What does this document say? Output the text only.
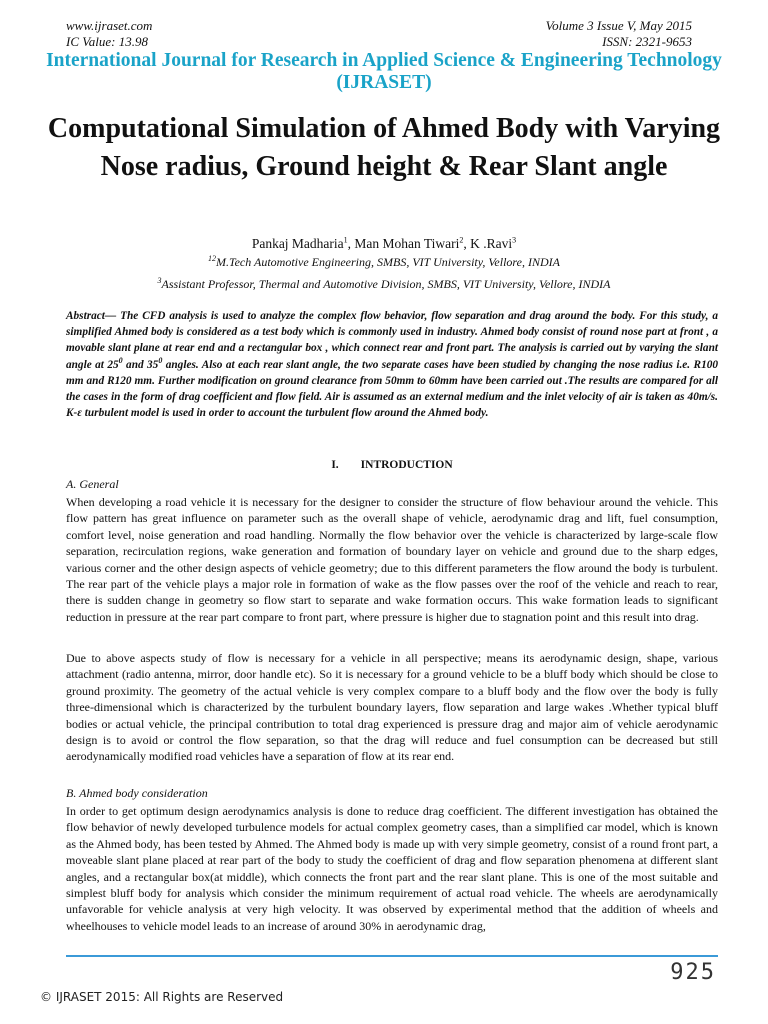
www.ijraset.com	Volume 3 Issue V, May 2015
IC Value: 13.98	ISSN: 2321-9653
International Journal for Research in Applied Science & Engineering Technology (IJRASET)
Computational Simulation of Ahmed Body with Varying Nose radius, Ground height & Rear Slant angle
Pankaj Madharia$^1$, Man Mohan Tiwari$^2$, K .Ravi$^3$
$^{12}$M.Tech Automotive Engineering, SMBS, VIT University, Vellore, INDIA
$^3$Assistant Professor, Thermal and Automotive Division, SMBS, VIT University, Vellore, INDIA
Abstract— The CFD analysis is used to analyze the complex flow behavior, flow separation and drag around the body. For this study, a simplified Ahmed body is considered as a test body which is commonly used in industry. Ahmed body consist of round nose part at front , a movable slant plane at rear end and a rectangular box , which connect rear and front part. The analysis is carried out by varying the slant angle at $25^0$ and $35^0$ angles. Also at each rear slant angle, the two separate cases have been studied by changing the nose radius i.e. R100 mm and R120 mm. Further modification on ground clearance from 50mm to 60mm have been carried out .The results are compared for all the cases in the form of drag coefficient and flow field. Air is assumed as an external medium and the inlet velocity of air is taken as 40m/s. K-ɛ turbulent model is used in order to account the turbulent flow around the Ahmed body.
I. INTRODUCTION
A. General
When developing a road vehicle it is necessary for the designer to consider the structure of flow behaviour around the vehicle. This flow pattern has great influence on parameter such as the overall shape of vehicle, aerodynamic drag and lift, fuel consumption, comfort level, noise generation and road handling. Normally the flow behavior over the vehicle is characterized by large-scale flow separation, recirculation regions, wake generation and formation of boundary layer on vehicle and ground due to the sharp edges, various corner and the other design aspects of vehicle geometry; due to this different parameters the flow around the body is turbulent. The rear part of the vehicle plays a major role in formation of wake as the flow passes over the roof of the vehicle and reach to rear, there is sudden change in geometry so flow start to separate and wake formation occurs. This wake formation leads to significant reduction in pressure at the rear part compare to front part, where pressure is higher due to stagnation point and this result into drag.
Due to above aspects study of flow is necessary for a vehicle in all perspective; means its aerodynamic design, shape, various attachment (radio antenna, mirror, door handle etc). So it is necessary for a ground vehicle to be a bluff body which should be close to ground proximity. The geometry of the actual vehicle is very complex compare to a bluff body and the flow over the body is fully three-dimensional which is characterized by the turbulent boundary layers, flow separation and large wakes .Whether typical bluff bodies or actual vehicle, the principal contribution to total drag experienced is pressure drag and major aim of vehicle aerodynamic design is to avoid or control the flow separation, so that the drag will reduce and fuel consumption can be decreased but still aerodynamically modified road vehicles have a separation of flow at its rear end.
B. Ahmed body consideration
In order to get optimum design aerodynamics analysis is done to reduce drag coefficient. The different investigation has obtained the flow behavior of newly developed turbulence models for actual complex geometry cases, than a simplified car model, which is known as the Ahmed body, has been tested by Ahmed. The Ahmed body is made up with very simple geometry, consist of a round front part, a moveable slant plane placed at rear part of the body to study the coefficient of drag and flow separation phenomena at different slant angles, and a rectangular box(at middle), which connects the front part and the rear slant plane. This is one of the most suitable and simplest bluff body for analysis which consider the minimum requirement of actual road vehicle. The wheels are aerodynamically unfavorable for vehicle analysis at very high velocity. It was observed by experimental method that the addition of wheels and wheelhouses to vehicle model leads to an increase of around 30% in aerodynamic drag,
925
© IJRASET 2015: All Rights are Reserved
